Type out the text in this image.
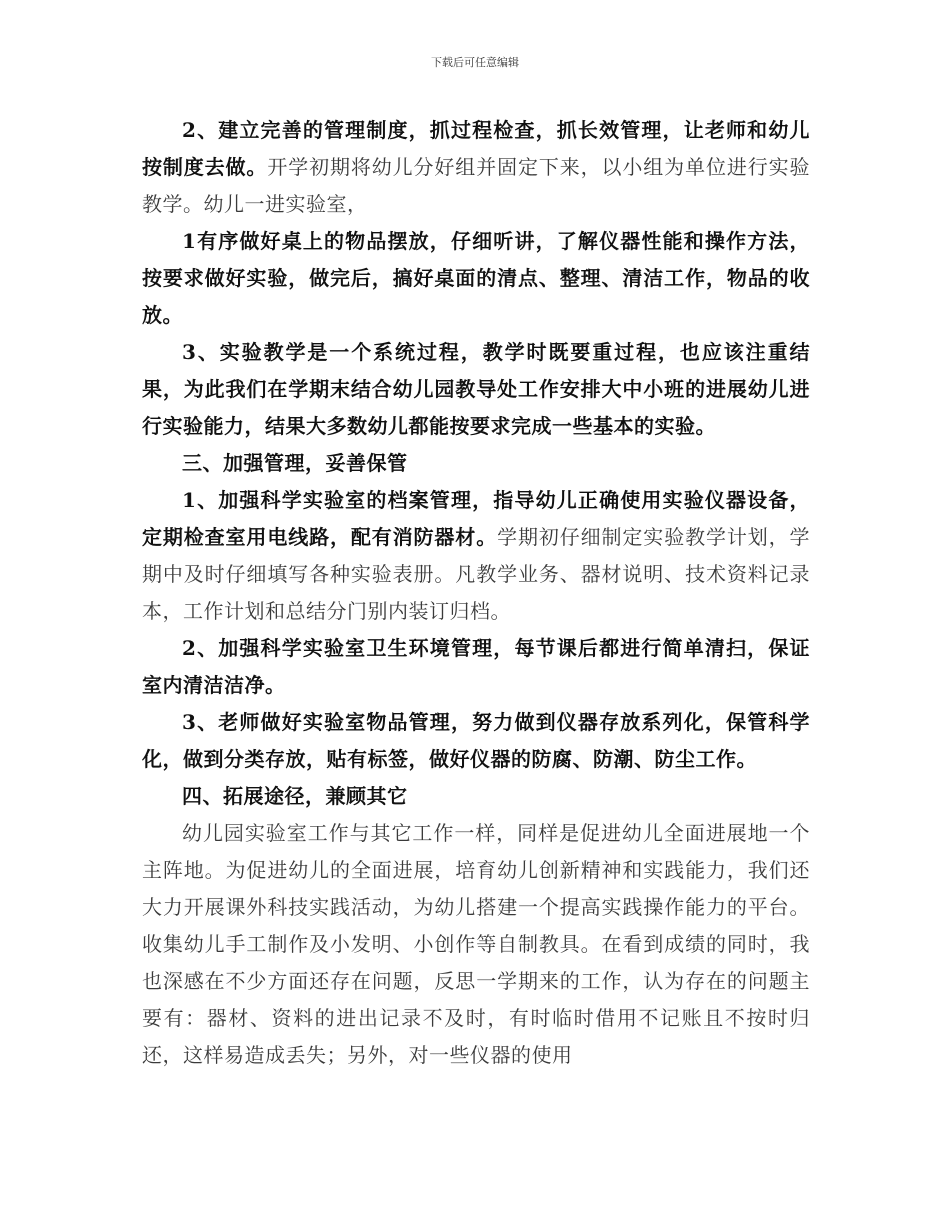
下载后可任意编辑

2、建立完善的管理制度，抓过程检查，抓长效管理，让老师和幼儿按制度去做。开学初期将幼儿分好组并固定下来，以小组为单位进行实验教学。幼儿一进实验室，

1有序做好桌上的物品摆放，仔细听讲，了解仪器性能和操作方法，按要求做好实验，做完后，搞好桌面的清点、整理、清洁工作，物品的收放。

3、实验教学是一个系统过程，教学时既要重过程，也应该注重结果，为此我们在学期末结合幼儿园教导处工作安排大中小班的进展幼儿进行实验能力，结果大多数幼儿都能按要求完成一些基本的实验。

三、加强管理，妥善保管

1、加强科学实验室的档案管理，指导幼儿正确使用实验仪器设备，定期检查室用电线路，配有消防器材。学期初仔细制定实验教学计划，学期中及时仔细填写各种实验表册。凡教学业务、器材说明、技术资料记录本，工作计划和总结分门别内装订归档。

2、加强科学实验室卫生环境管理，每节课后都进行简单清扫，保证室内清洁洁净。

3、老师做好实验室物品管理，努力做到仪器存放系列化，保管科学化，做到分类存放，贴有标签，做好仪器的防腐、防潮、防尘工作。

四、拓展途径，兼顾其它

幼儿园实验室工作与其它工作一样，同样是促进幼儿全面进展地一个主阵地。为促进幼儿的全面进展，培育幼儿创新精神和实践能力，我们还大力开展课外科技实践活动，为幼儿搭建一个提高实践操作能力的平台。收集幼儿手工制作及小发明、小创作等自制教具。在看到成绩的同时，我也深感在不少方面还存在问题，反思一学期来的工作，认为存在的问题主要有：器材、资料的进出记录不及时，有时临时借用不记账且不按时归还，这样易造成丢失；另外，对一些仪器的使用
